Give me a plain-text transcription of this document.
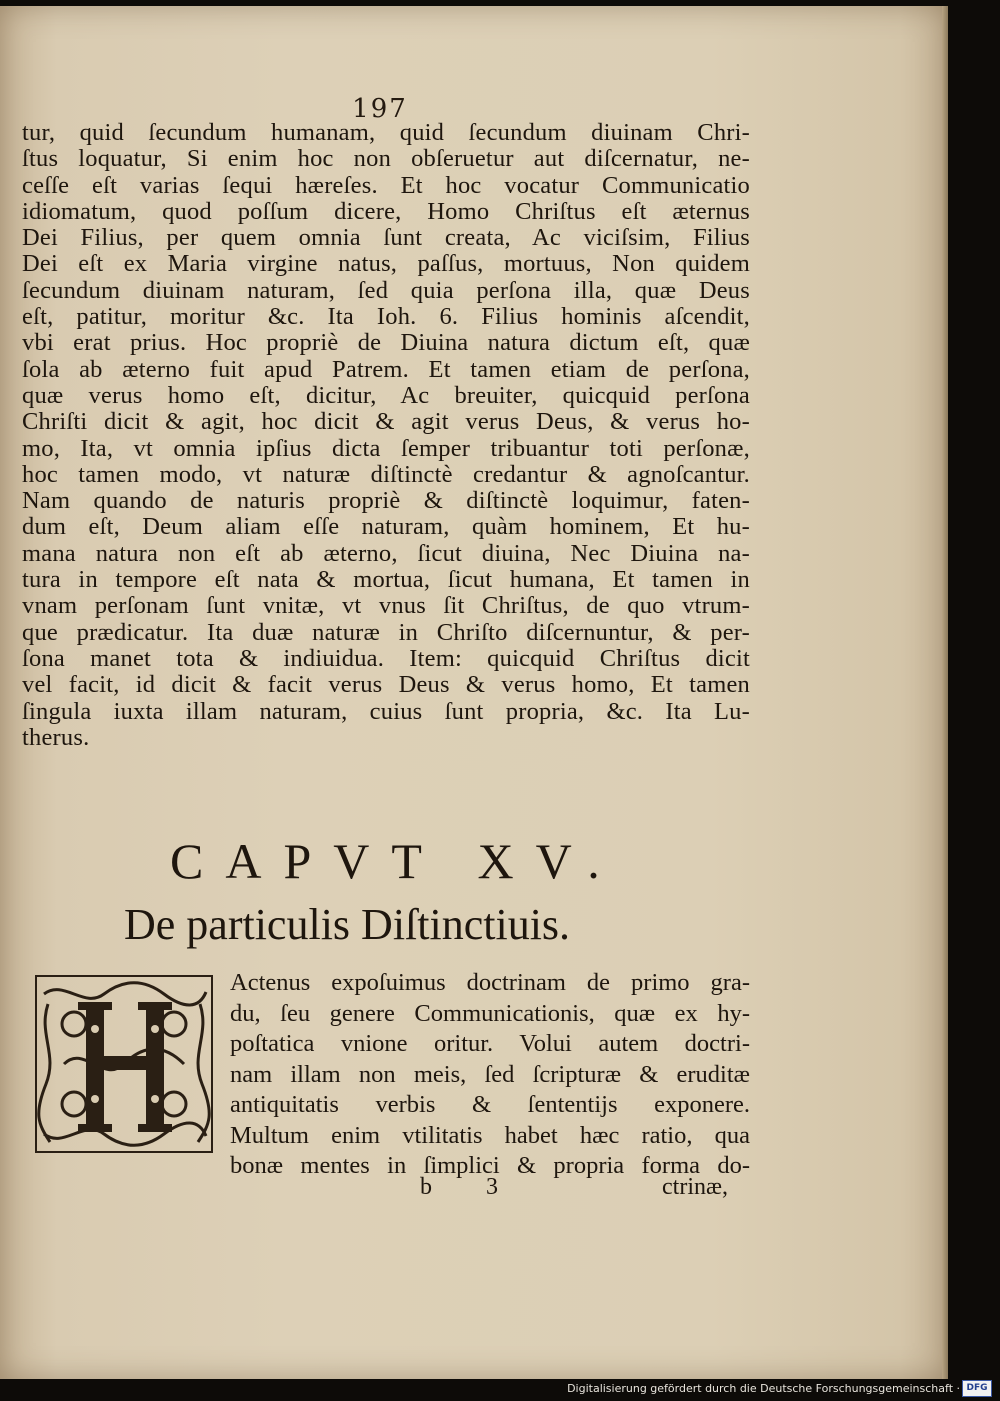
197
tur, quid ſecundum humanam, quid ſecundum diuinam Chri-
ſtus loquatur, Si enim hoc non obſeruetur aut diſcernatur, ne-
ceſſe eſt varias ſequi hæreſes. Et hoc vocatur Communicatio
idiomatum, quod poſſum dicere, Homo Chriſtus eſt æternus
Dei Filius, per quem omnia ſunt creata, Ac viciſsim, Filius
Dei eſt ex Maria virgine natus, paſſus, mortuus, Non quidem
ſecundum diuinam naturam, ſed quia perſona illa, quæ Deus
eſt, patitur, moritur &c. Ita Ioh. 6. Filius hominis aſcendit,
vbi erat prius. Hoc propriè de Diuina natura dictum eſt, quæ
ſola ab æterno fuit apud Patrem. Et tamen etiam de perſona,
quæ verus homo eſt, dicitur, Ac breuiter, quicquid perſona
Chriſti dicit & agit, hoc dicit & agit verus Deus, & verus ho-
mo, Ita, vt omnia ipſius dicta ſemper tribuantur toti perſonæ,
hoc tamen modo, vt naturæ diſtinctè credantur & agnoſcantur.
Nam quando de naturis propriè & diſtinctè loquimur, faten-
dum eſt, Deum aliam eſſe naturam, quàm hominem, Et hu-
mana natura non eſt ab æterno, ſicut diuina, Nec Diuina na-
tura in tempore eſt nata & mortua, ſicut humana, Et tamen in
vnam perſonam ſunt vnitæ, vt vnus ſit Chriſtus, de quo vtrum-
que prædicatur. Ita duæ naturæ in Chriſto diſcernuntur, & per-
ſona manet tota & indiuidua. Item: quicquid Chriſtus dicit
vel facit, id dicit & facit verus Deus & verus homo, Et tamen
ſingula iuxta illam naturam, cuius ſunt propria, &c. Ita Lu-
therus.
CAPVT XV.
De particulis Diſtinctiuis.
Actenus expoſuimus doctrinam de primo gra-
du, ſeu genere Communicationis, quæ ex hy-
poſtatica vnione oritur. Volui autem doctri-
nam illam non meis, ſed ſcripturæ & eruditæ
antiquitatis verbis & ſententijs exponere.
Multum enim vtilitatis habet hæc ratio, qua
bonæ mentes in ſimplici & propria forma do-
b 3	ctrinæ,
Digitalisierung gefördert durch die Deutsche Forschungsgemeinschaft · DFG
